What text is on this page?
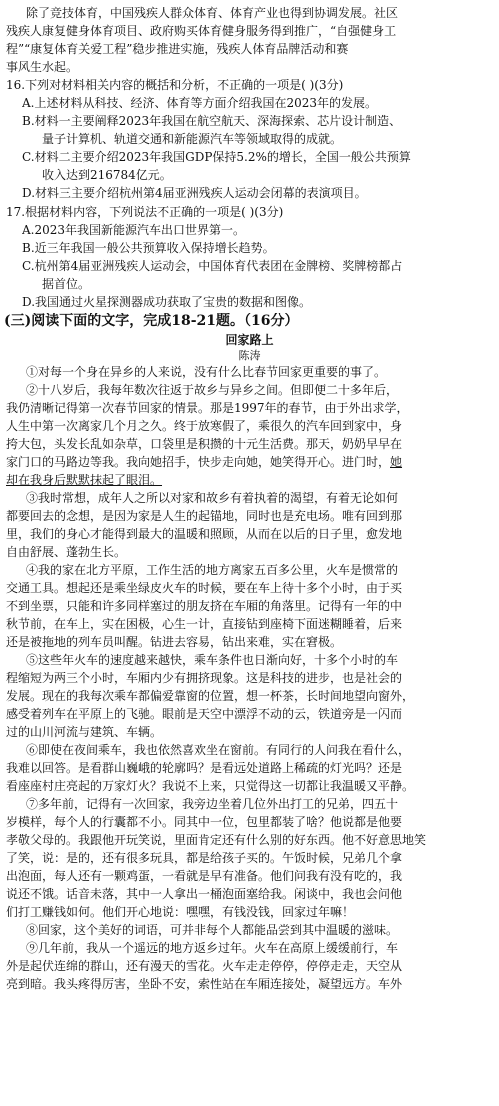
除了竞技体育，中国残疾人群众体育、体育产业也得到协调发展。社区
残疾人康复健身体育项目、政府购买体育健身服务得到推广，“自强健身工
程”“康复体育关爱工程”稳步推进实施，残疾人体育品牌活动和赛
事风生水起。
16.下列对材料相关内容的概括和分析，不正确的一项是( )(3分)
A.上述材料从科技、经济、体育等方面介绍我国在2023年的发展。
B.材料一主要阐释2023年我国在航空航天、深海探索、芯片设计制造、
量子计算机、轨道交通和新能源汽车等领域取得的成就。
C.材料二主要介绍2023年我国GDP保持5.2%的增长，全国一般公共预算
收入达到216784亿元。
D.材料三主要介绍杭州第4届亚洲残疾人运动会闭幕的表演项目。
17.根据材料内容，下列说法不正确的一项是( )(3分)
A.2023年我国新能源汽车出口世界第一。
B.近三年我国一般公共预算收入保持增长趋势。
C.杭州第4届亚洲残疾人运动会，中国体育代表团在金牌榜、奖牌榜都占
据首位。
D.我国通过火星探测器成功获取了宝贵的数据和图像。
(三)阅读下面的文字，完成18-21题。（16分）
回家路上
陈涛
①对每一个身在异乡的人来说，没有什么比春节回家更重要的事了。
②十八岁后，我每年数次往返于故乡与异乡之间。但即便二十多年后，
我仍清晰记得第一次春节回家的情景。那是1997年的春节，由于外出求学，
人生中第一次离家几个月之久。终于放寒假了，乘很久的汽车回到家中，身
挎大包，头发长乱如杂草，口袋里是积攒的十元生活费。那天，奶奶早早在
家门口的马路边等我。我向她招手，快步走向她，她笑得开心。进门时，她
却在我身后默默抹起了眼泪。
③我时常想，成年人之所以对家和故乡有着执着的渴望，有着无论如何
都要回去的念想，是因为家是人生的起锚地，同时也是充电场。唯有回到那
里，我们的身心才能得到最大的温暖和照顾，从而在以后的日子里，愈发地
自由舒展、蓬勃生长。
④我的家在北方平原，工作生活的地方离家五百多公里，火车是惯常的
交通工具。想起还是乘坐绿皮火车的时候，要在车上待十多个小时，由于买
不到坐票，只能和许多同样塞过的朋友挤在车厢的角落里。记得有一年的中
秋节前，在车上，实在困极，心生一计，直接钻到座椅下面迷糊睡着，后来
还是被拖地的列车员叫醒。钻进去容易，钻出来难，实在窘极。
⑤这些年火车的速度越来越快，乘车条件也日渐向好，十多个小时的车
程缩短为两三个小时，车厢内少有拥挤现象。这是科技的进步，也是社会的
发展。现在的我每次乘车都偏爱靠窗的位置，想一杯茶，长时间地望向窗外，
感受着列车在平原上的飞驰。眼前是天空中漂浮不动的云，铁道旁是一闪而
过的山川河流与建筑、车辆。
⑥即使在夜间乘车，我也依然喜欢坐在窗前。有同行的人问我在看什么，
我难以回答。是看群山巍峨的轮廓吗？是看远处道路上稀疏的灯光吗？还是
看座座村庄亮起的万家灯火？我说不上来，只觉得这一切都让我温暖又平静。
⑦多年前，记得有一次回家，我旁边坐着几位外出打工的兄弟，四五十
岁模样，每个人的行囊都不小。同其中一位，包里都装了啥？他说都是他要
孝敬父母的。我跟他开玩笑说，里面肯定还有什么别的好东西。他不好意思地笑
了笑，说：是的，还有很多玩具，都是给孩子买的。午饭时候，兄弟几个拿
出泡面，每人还有一颗鸡蛋，一看就是早有准备。他们问我有没有吃的，我
说还不饿。话音未落，其中一人拿出一桶泡面塞给我。闲谈中，我也会问他
们打工赚钱如何。他们开心地说：嘿嘿，有钱没钱，回家过年嘛！
⑧回家，这个美好的词语，可并非每个人都能品尝到其中温暖的滋味。
⑨几年前，我从一个遥远的地方返乡过年。火车在高原上缓缓前行，车
外是起伏连绵的群山，还有漫天的雪花。火车走走停停，停停走走，天空从
亮到暗。我头疼得厉害，坐卧不安，索性站在车厢连接处，凝望远方。车外
